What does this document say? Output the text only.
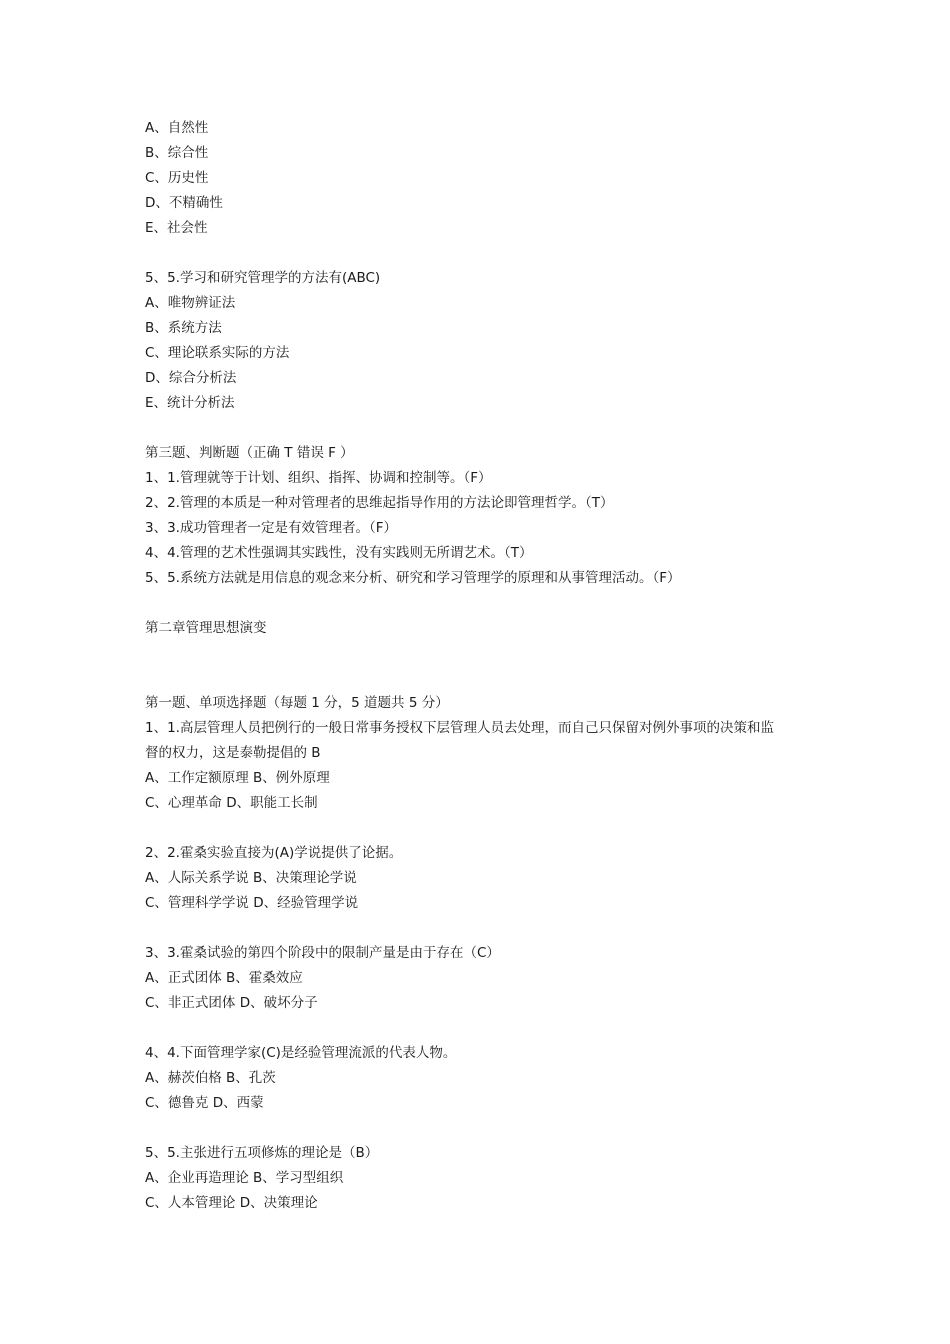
A、自然性
B、综合性
C、历史性
D、不精确性
E、社会性
5、5.学习和研究管理学的方法有(ABC)
A、唯物辨证法
B、系统方法
C、理论联系实际的方法
D、综合分析法
E、统计分析法
第三题、判断题（正确 T 错误 F ）
1、1.管理就等于计划、组织、指挥、协调和控制等。（F）
2、2.管理的本质是一种对管理者的思维起指导作用的方法论即管理哲学。（T）
3、3.成功管理者一定是有效管理者。（F）
4、4.管理的艺术性强调其实践性，没有实践则无所谓艺术。（T）
5、5.系统方法就是用信息的观念来分析、研究和学习管理学的原理和从事管理活动。（F）
第二章管理思想演变
第一题、单项选择题（每题 1 分，5 道题共 5 分）
1、1.高层管理人员把例行的一般日常事务授权下层管理人员去处理，而自己只保留对例外事项的决策和监
督的权力，这是泰勒提倡的 B
A、工作定额原理 B、例外原理
C、心理革命 D、职能工长制
2、2.霍桑实验直接为(A)学说提供了论据。
A、人际关系学说 B、决策理论学说
C、管理科学学说 D、经验管理学说
3、3.霍桑试验的第四个阶段中的限制产量是由于存在（C）
A、正式团体 B、霍桑效应
C、非正式团体 D、破坏分子
4、4.下面管理学家(C)是经验管理流派的代表人物。
A、赫茨伯格 B、孔茨
C、德鲁克 D、西蒙
5、5.主张进行五项修炼的理论是（B）
A、企业再造理论 B、学习型组织
C、人本管理论 D、决策理论
